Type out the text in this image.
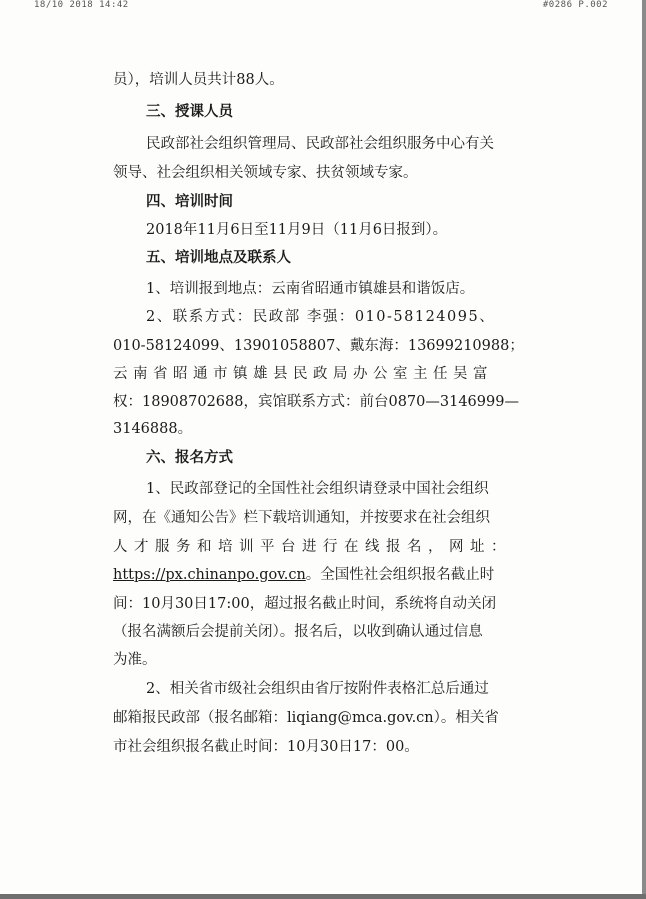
18/10 2018 14:42	#0286 P.002
员），培训人员共计88人。
三、授课人员
民政部社会组织管理局、民政部社会组织服务中心有关
领导、社会组织相关领域专家、扶贫领域专家。
四、培训时间
2018年11月6日至11月9日（11月6日报到）。
五、培训地点及联系人
1、培训报到地点：云南省昭通市镇雄县和谐饭店。
2、联系方式：民政部 李强：010-58124095、
010-58124099、13901058807、戴东海：13699210988；
云南省昭通市镇雄县民政局办公室主任吴富
权：18908702688，宾馆联系方式：前台0870—3146999—
3146888。
六、报名方式
1、民政部登记的全国性社会组织请登录中国社会组织
网，在《通知公告》栏下载培训通知，并按要求在社会组织
人才服务和培训平台进行在线报名，网址：
https://px.chinanpo.gov.cn。全国性社会组织报名截止时
间：10月30日17:00，超过报名截止时间，系统将自动关闭
（报名满额后会提前关闭）。报名后，以收到确认通过信息
为准。
2、相关省市级社会组织由省厅按附件表格汇总后通过
邮箱报民政部（报名邮箱：liqiang@mca.gov.cn）。相关省
市社会组织报名截止时间：10月30日17：00。
